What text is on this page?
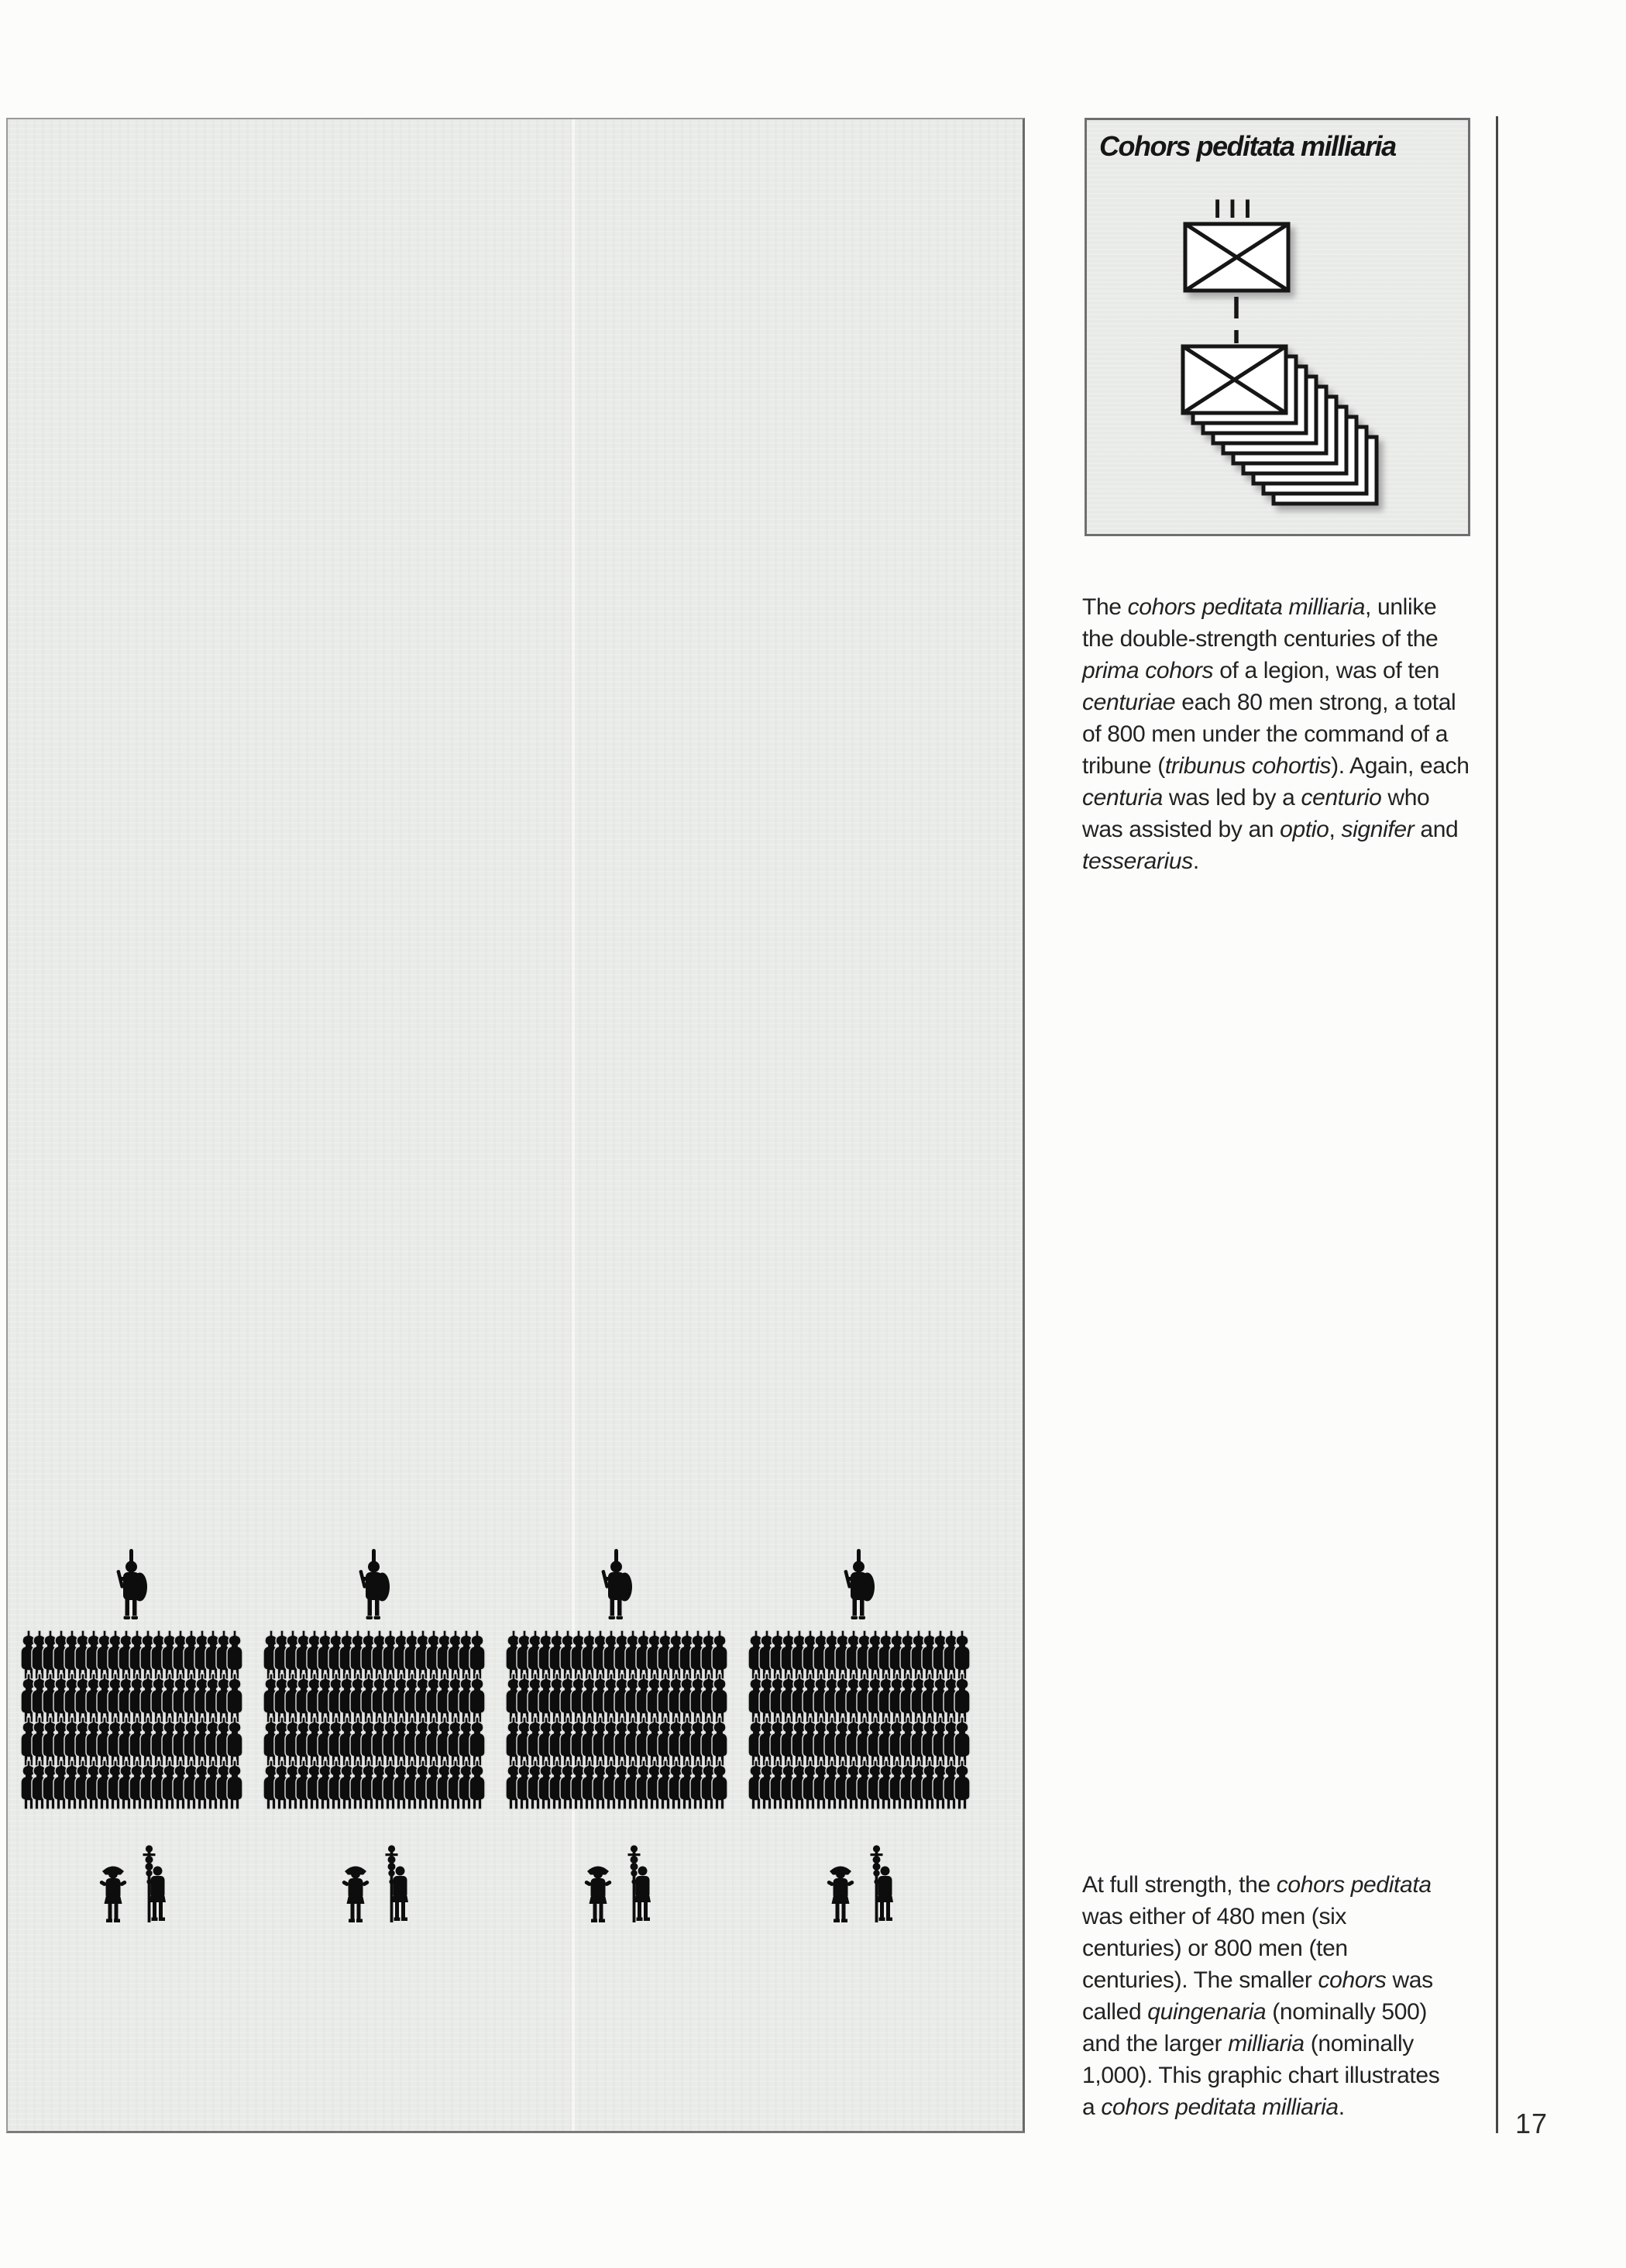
III
Cohors peditata milliaria

The cohors peditata milliaria, unlike the double-strength centuries of the prima cohors of a legion, was of ten centuriae each 80 men strong, a total of 800 men under the command of a tribune (tribunus cohortis). Again, each centuria was led by a centurio who was assisted by an optio, signifer and tesserarius.

At full strength, the cohors peditata was either of 480 men (six centuries) or 800 men (ten centuries). The smaller cohors was called quingenaria (nominally 500) and the larger milliaria (nominally 1,000). This graphic chart illustrates a cohors peditata milliaria.

17
